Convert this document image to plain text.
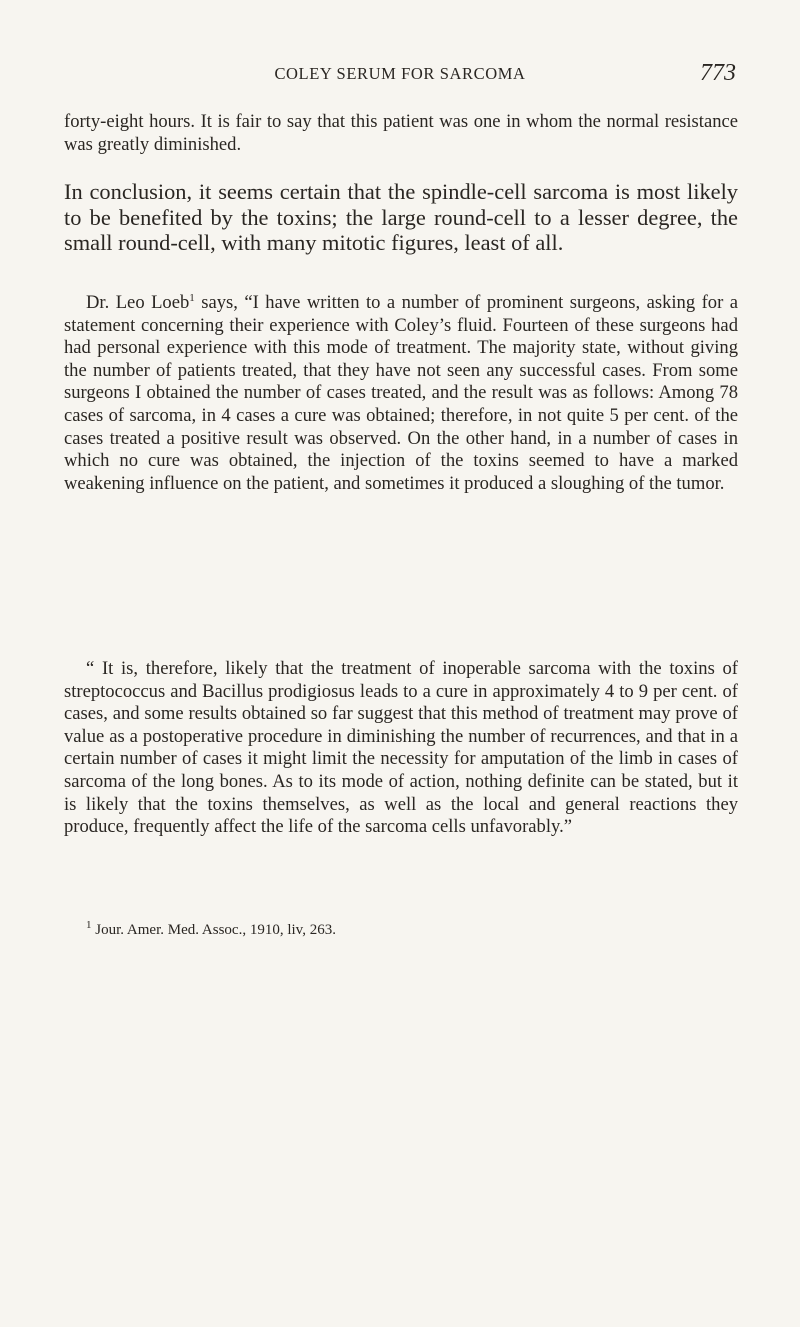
COLEY SERUM FOR SARCOMA	773

forty-eight hours. It is fair to say that this patient was one in whom the normal resistance was greatly diminished.

In conclusion, it seems certain that the spindle-cell sarcoma is most likely to be benefited by the toxins; the large round-cell to a lesser degree, the small round-cell, with many mitotic figures, least of all.

Dr. Leo Loeb$^1$ says, “I have written to a number of prominent surgeons, asking for a statement concerning their experience with Coley’s fluid. Fourteen of these surgeons had had personal experience with this mode of treatment. The majority state, without giving the number of patients treated, that they have not seen any successful cases. From some surgeons I obtained the number of cases treated, and the result was as follows: Among 78 cases of sarcoma, in 4 cases a cure was obtained; therefore, in not quite 5 per cent. of the cases treated a positive result was observed. On the other hand, in a number of cases in which no cure was obtained, the injection of the toxins seemed to have a marked weakening influence on the patient, and sometimes it produced a sloughing of the tumor.

“ It is, therefore, likely that the treatment of inoperable sarcoma with the toxins of streptococcus and Bacillus prodigiosus leads to a cure in approximately 4 to 9 per cent. of cases, and some results obtained so far suggest that this method of treatment may prove of value as a postoperative procedure in diminishing the number of recurrences, and that in a certain number of cases it might limit the necessity for amputation of the limb in cases of sarcoma of the long bones. As to its mode of action, nothing definite can be stated, but it is likely that the toxins themselves, as well as the local and general reactions they produce, frequently affect the life of the sarcoma cells unfavorably.”

$^1$ Jour. Amer. Med. Assoc., 1910, liv, 263.
